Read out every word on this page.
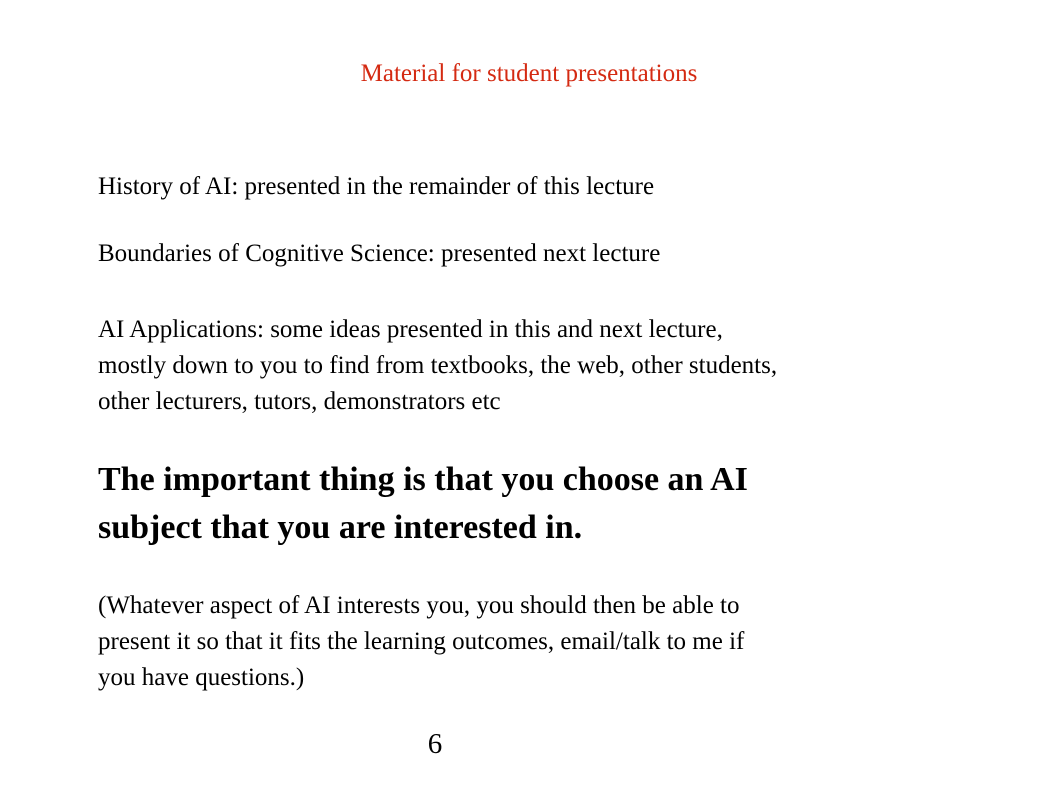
Material for student presentations

History of AI: presented in the remainder of this lecture

Boundaries of Cognitive Science: presented next lecture

AI Applications: some ideas presented in this and next lecture,
mostly down to you to find from textbooks, the web, other students,
other lecturers, tutors, demonstrators etc

The important thing is that you choose an AI
subject that you are interested in.

(Whatever aspect of AI interests you, you should then be able to
present it so that it fits the learning outcomes, email/talk to me if
you have questions.)

6
